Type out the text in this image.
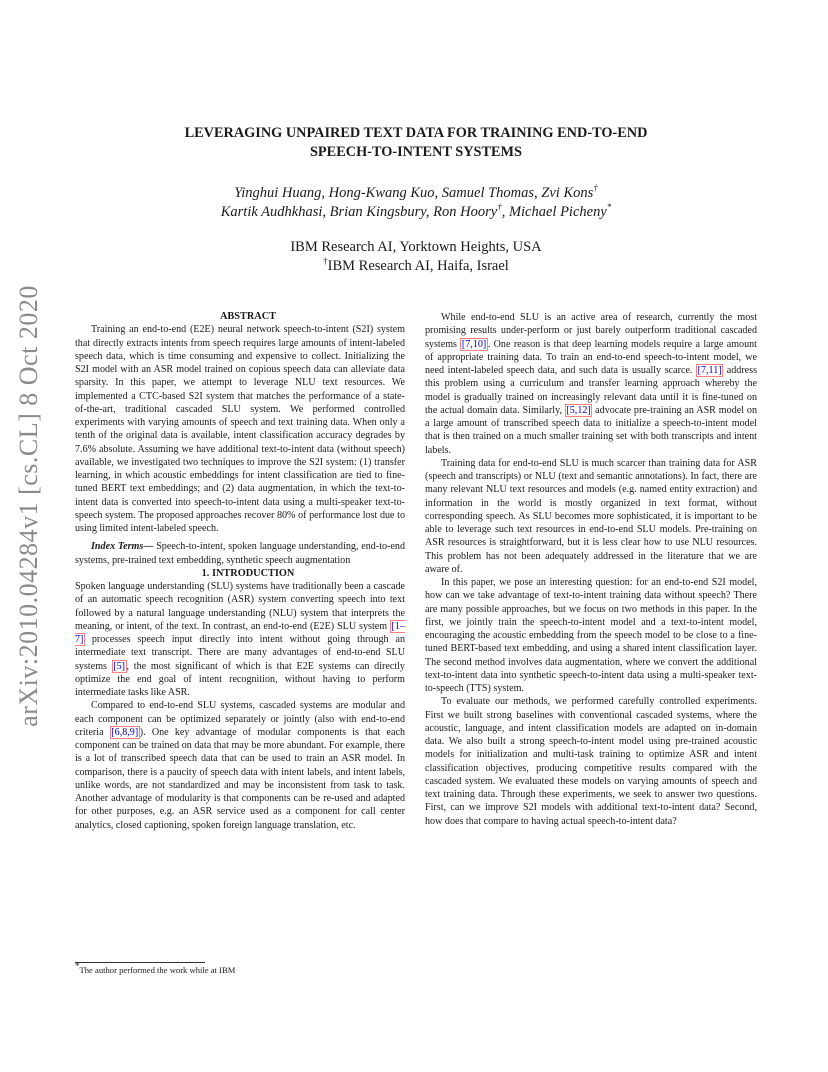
arXiv:2010.04284v1 [cs.CL] 8 Oct 2020
LEVERAGING UNPAIRED TEXT DATA FOR TRAINING END-TO-END
SPEECH-TO-INTENT SYSTEMS
Yinghui Huang, Hong-Kwang Kuo, Samuel Thomas, Zvi Kons†
Kartik Audhkhasi, Brian Kingsbury, Ron Hoory†, Michael Picheny*
IBM Research AI, Yorktown Heights, USA
†IBM Research AI, Haifa, Israel

ABSTRACT

Training an end-to-end (E2E) neural network speech-to-intent (S2I) system that directly extracts intents from speech requires large amounts of intent-labeled speech data, which is time consuming and expensive to collect. Initializing the S2I model with an ASR model trained on copious speech data can alleviate data sparsity. In this paper, we attempt to leverage NLU text resources. We implemented a CTC-based S2I system that matches the performance of a state-of-the-art, traditional cascaded SLU system. We performed controlled experiments with varying amounts of speech and text training data. When only a tenth of the original data is available, intent classification accuracy degrades by 7.6% absolute. Assuming we have additional text-to-intent data (without speech) available, we investigated two techniques to improve the S2I system: (1) transfer learning, in which acoustic embeddings for intent classification are tied to fine-tuned BERT text embeddings; and (2) data augmentation, in which the text-to-intent data is converted into speech-to-intent data using a multi-speaker text-to-speech system. The proposed approaches recover 80% of performance lost due to using limited intent-labeled speech.

Index Terms— Speech-to-intent, spoken language understanding, end-to-end systems, pre-trained text embedding, synthetic speech augmentation

1. INTRODUCTION

Spoken language understanding (SLU) systems have traditionally been a cascade of an automatic speech recognition (ASR) system converting speech into text followed by a natural language understanding (NLU) system that interprets the meaning, or intent, of the text. In contrast, an end-to-end (E2E) SLU system [1–7] processes speech input directly into intent without going through an intermediate text transcript. There are many advantages of end-to-end SLU systems [5] , the most significant of which is that E2E systems can directly optimize the end goal of intent recognition, without having to perform intermediate tasks like ASR.

Compared to end-to-end SLU systems, cascaded systems are modular and each component can be optimized separately or jointly (also with end-to-end criteria [6,8,9] ). One key advantage of modular components is that each component can be trained on data that may be more abundant. For example, there is a lot of transcribed speech data that can be used to train an ASR model. In comparison, there is a paucity of speech data with intent labels, and intent labels, unlike words, are not standardized and may be inconsistent from task to task. Another advantage of modularity is that components can be re-used and adapted for other purposes, e.g. an ASR service used as a component for call center analytics, closed captioning, spoken foreign language translation, etc.

*The author performed the work while at IBM

While end-to-end SLU is an active area of research, currently the most promising results under-perform or just barely outperform traditional cascaded systems [7,10] . One reason is that deep learning models require a large amount of appropriate training data. To train an end-to-end speech-to-intent model, we need intent-labeled speech data, and such data is usually scarce. [7,11] address this problem using a curriculum and transfer learning approach whereby the model is gradually trained on increasingly relevant data until it is fine-tuned on the actual domain data. Similarly, [5,12] advocate pre-training an ASR model on a large amount of transcribed speech data to initialize a speech-to-intent model that is then trained on a much smaller training set with both transcripts and intent labels.

Training data for end-to-end SLU is much scarcer than training data for ASR (speech and transcripts) or NLU (text and semantic annotations). In fact, there are many relevant NLU text resources and models (e.g. named entity extraction) and information in the world is mostly organized in text format, without corresponding speech. As SLU becomes more sophisticated, it is important to be able to leverage such text resources in end-to-end SLU models. Pre-training on ASR resources is straightforward, but it is less clear how to use NLU resources. This problem has not been adequately addressed in the literature that we are aware of.

In this paper, we pose an interesting question: for an end-to-end S2I model, how can we take advantage of text-to-intent training data without speech? There are many possible approaches, but we focus on two methods in this paper. In the first, we jointly train the speech-to-intent model and a text-to-intent model, encouraging the acoustic embedding from the speech model to be close to a fine-tuned BERT-based text embedding, and using a shared intent classification layer. The second method involves data augmentation, where we convert the additional text-to-intent data into synthetic speech-to-intent data using a multi-speaker text-to-speech (TTS) system.

To evaluate our methods, we performed carefully controlled experiments. First we built strong baselines with conventional cascaded systems, where the acoustic, language, and intent classification models are adapted on in-domain data. We also built a strong speech-to-intent model using pre-trained acoustic models for initialization and multi-task training to optimize ASR and intent classification objectives, producing competitive results compared with the cascaded system. We evaluated these models on varying amounts of speech and text training data. Through these experiments, we seek to answer two questions. First, can we improve S2I models with additional text-to-intent data? Second, how does that compare to having actual speech-to-intent data?
